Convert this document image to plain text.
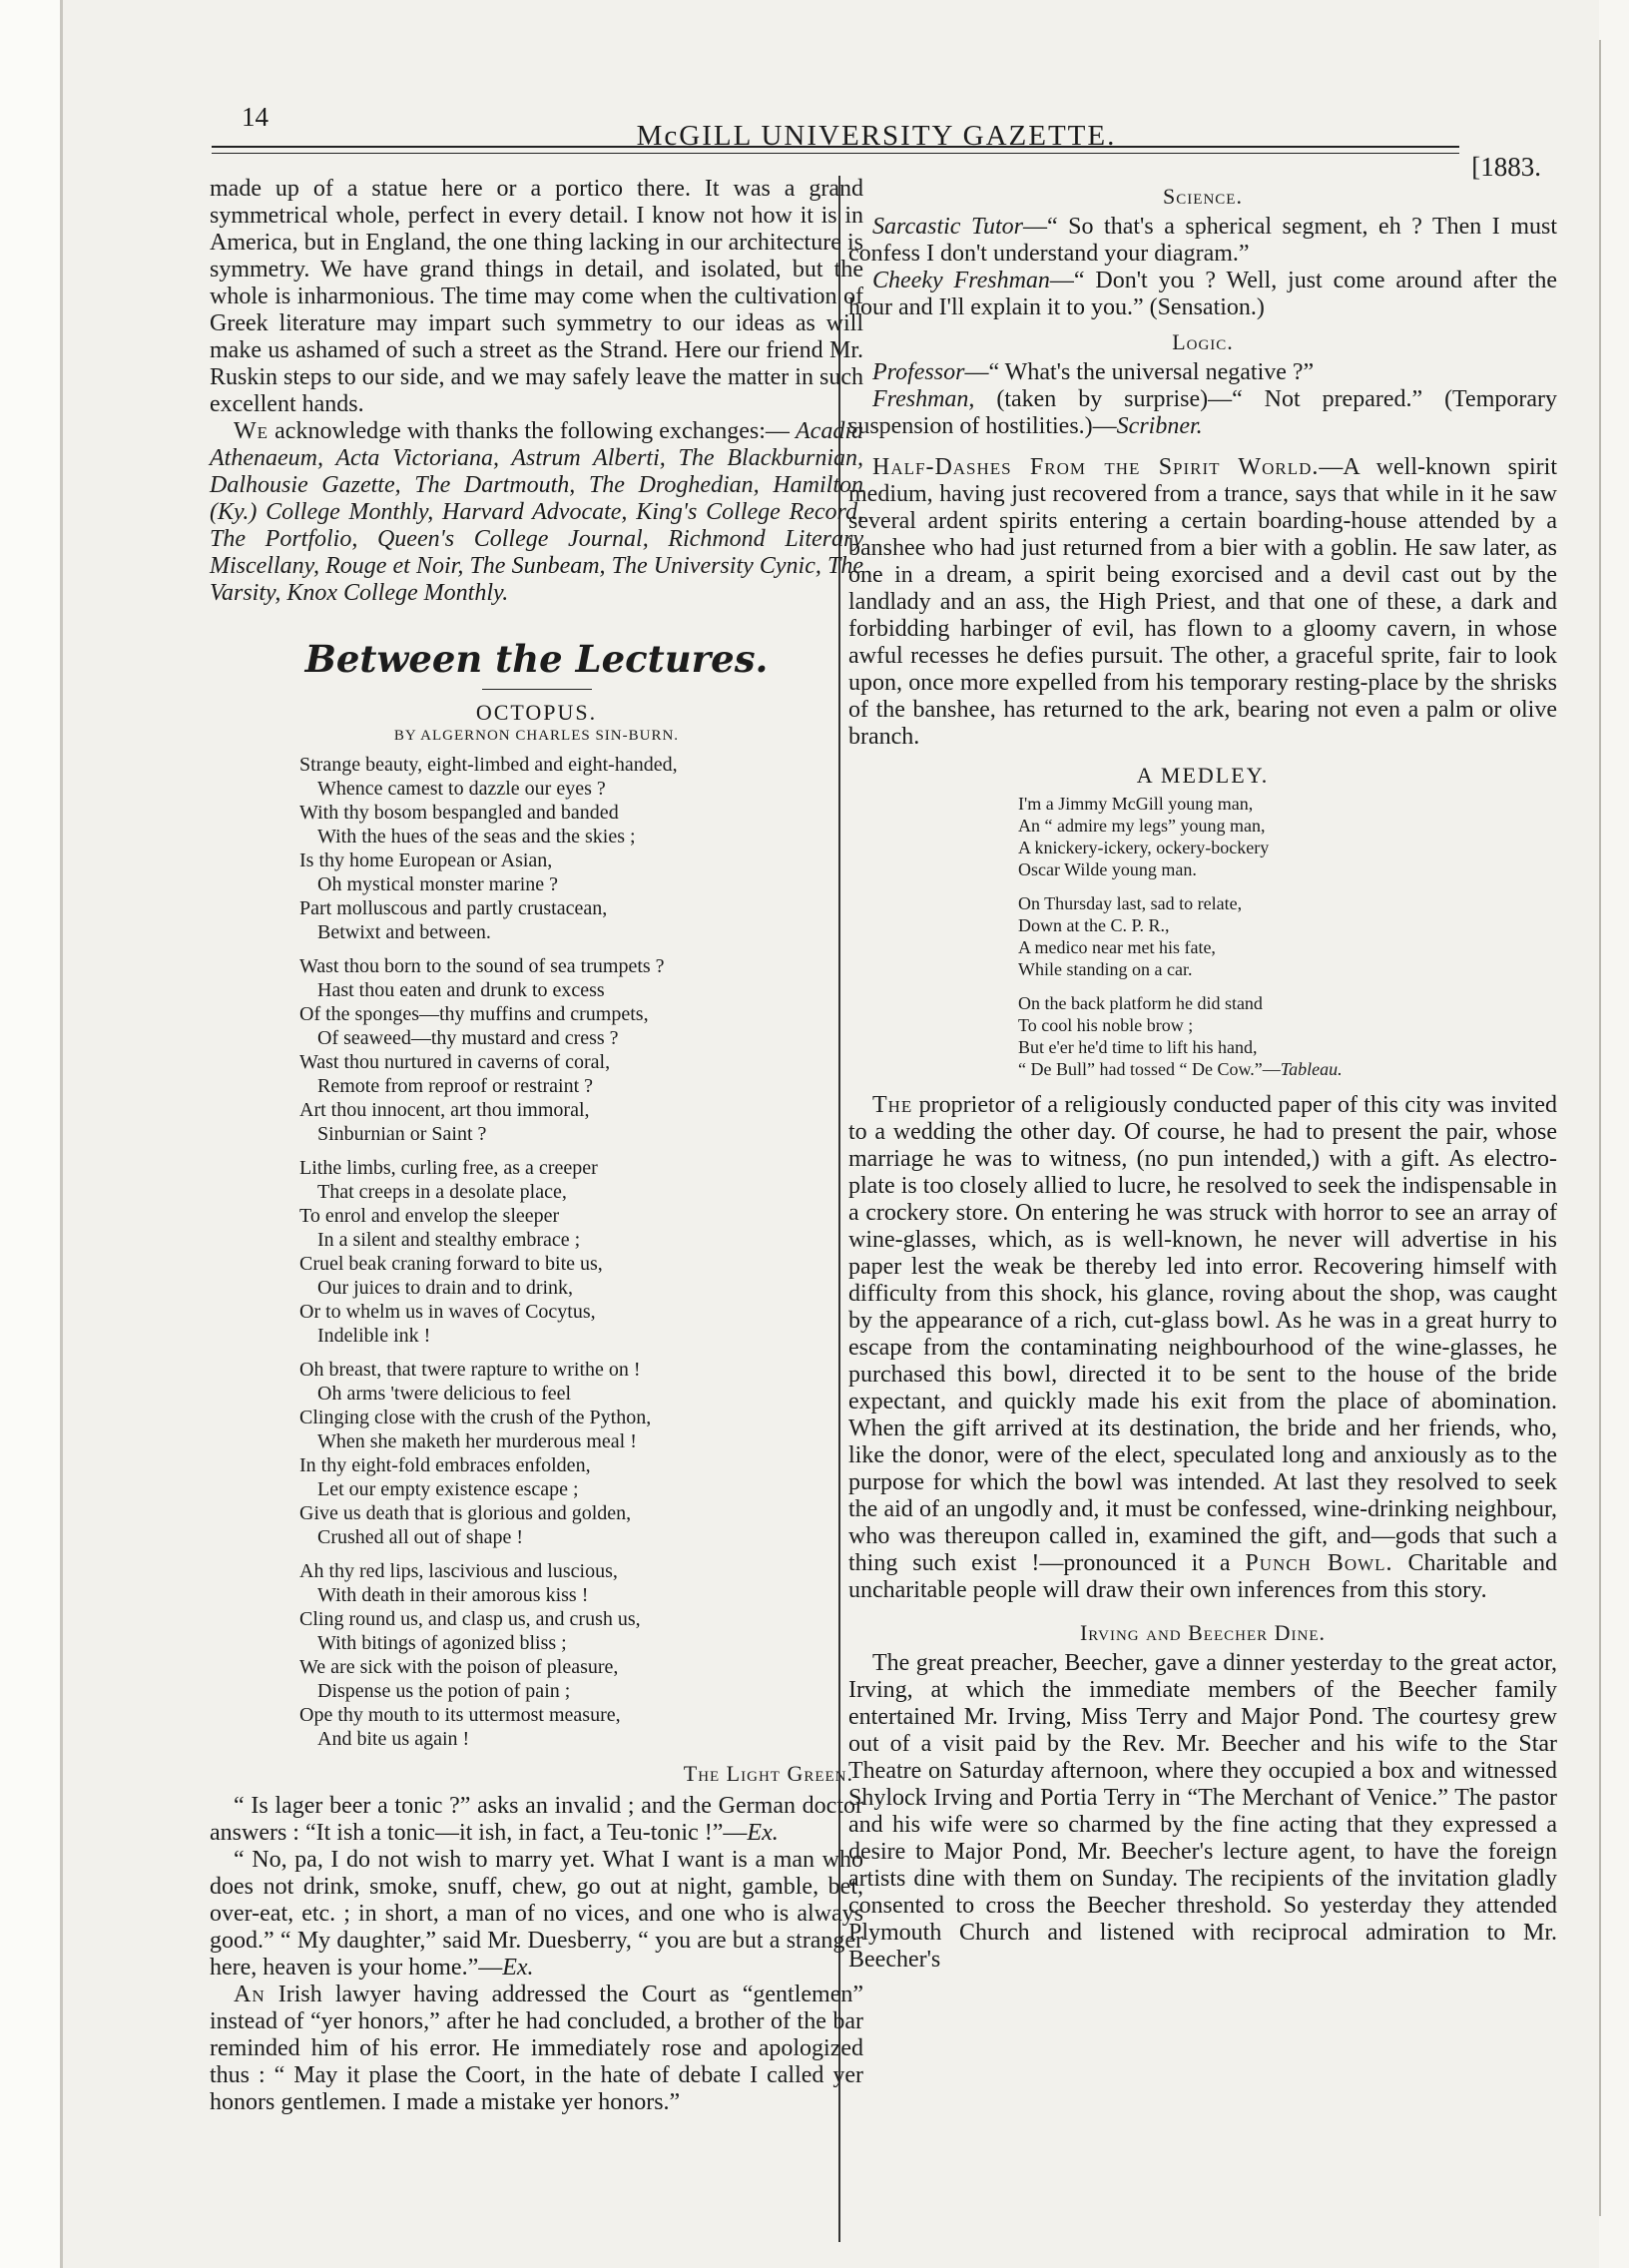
14
McGILL UNIVERSITY GAZETTE.
[1883.

made up of a statue here or a portico there. It was a grand symmetrical whole, perfect in every detail. I know not how it is in America, but in England, the one thing lacking in our architecture is symmetry. We have grand things in detail, and isolated, but the whole is inharmonious. The time may come when the cultivation of Greek literature may impart such symmetry to our ideas as will make us ashamed of such a street as the Strand. Here our friend Mr. Ruskin steps to our side, and we may safely leave the matter in such excellent hands.

We acknowledge with thanks the following exchanges:— Acadia Athenaeum, Acta Victoriana, Astrum Alberti, The Blackburnian, Dalhousie Gazette, The Dartmouth, The Droghedian, Hamilton (Ky.) College Monthly, Harvard Advocate, King's College Record, The Portfolio, Queen's College Journal, Richmond Literary Miscellany, Rouge et Noir, The Sunbeam, The University Cynic, The Varsity, Knox College Monthly.

Between the Lectures.
OCTOPUS.
BY ALGERNON CHARLES SIN-BURN.
Strange beauty, eight-limbed and eight-handed,
Whence camest to dazzle our eyes ?
With thy bosom bespangled and banded
With the hues of the seas and the skies ;
Is thy home European or Asian,
Oh mystical monster marine ?
Part molluscous and partly crustacean,
Betwixt and between.
Wast thou born to the sound of sea trumpets ?
Hast thou eaten and drunk to excess
Of the sponges—thy muffins and crumpets,
Of seaweed—thy mustard and cress ?
Wast thou nurtured in caverns of coral,
Remote from reproof or restraint ?
Art thou innocent, art thou immoral,
Sinburnian or Saint ?
Lithe limbs, curling free, as a creeper
That creeps in a desolate place,
To enrol and envelop the sleeper
In a silent and stealthy embrace ;
Cruel beak craning forward to bite us,
Our juices to drain and to drink,
Or to whelm us in waves of Cocytus,
Indelible ink !
Oh breast, that twere rapture to writhe on !
Oh arms 'twere delicious to feel
Clinging close with the crush of the Python,
When she maketh her murderous meal !
In thy eight-fold embraces enfolden,
Let our empty existence escape ;
Give us death that is glorious and golden,
Crushed all out of shape !
Ah thy red lips, lascivious and luscious,
With death in their amorous kiss !
Cling round us, and clasp us, and crush us,
With bitings of agonized bliss ;
We are sick with the poison of pleasure,
Dispense us the potion of pain ;
Ope thy mouth to its uttermost measure,
And bite us again !
The Light Green.

“ Is lager beer a tonic ?” asks an invalid ; and the German doctor answers : “It ish a tonic—it ish, in fact, a Teu-tonic !”—Ex.

“ No, pa, I do not wish to marry yet. What I want is a man who does not drink, smoke, snuff, chew, go out at night, gamble, bet, over-eat, etc. ; in short, a man of no vices, and one who is always good.” “ My daughter,” said Mr. Duesberry, “ you are but a stranger here, heaven is your home.”—Ex.

An Irish lawyer having addressed the Court as “gentlemen” instead of “yer honors,” after he had concluded, a brother of the bar reminded him of his error. He immediately rose and apologized thus : “ May it plase the Coort, in the hate of debate I called yer honors gentlemen. I made a mistake yer honors.”

Science.

Sarcastic Tutor—“ So that's a spherical segment, eh ? Then I must confess I don't understand your diagram.”

Cheeky Freshman—“ Don't you ? Well, just come around after the hour and I'll explain it to you.” (Sensation.)

Logic.

Professor—“ What's the universal negative ?”

Freshman, (taken by surprise)—“ Not prepared.” (Temporary suspension of hostilities.)—Scribner.

Half-Dashes From the Spirit World.—A well-known spirit medium, having just recovered from a trance, says that while in it he saw several ardent spirits entering a certain boarding-house attended by a banshee who had just returned from a bier with a goblin. He saw later, as one in a dream, a spirit being exorcised and a devil cast out by the landlady and an ass, the High Priest, and that one of these, a dark and forbidding harbinger of evil, has flown to a gloomy cavern, in whose awful recesses he defies pursuit. The other, a graceful sprite, fair to look upon, once more expelled from his temporary resting-place by the shrisks of the banshee, has returned to the ark, bearing not even a palm or olive branch.

A MEDLEY.
I'm a Jimmy McGill young man,
An “ admire my legs” young man,
A knickery-ickery, ockery-bockery
Oscar Wilde young man.
On Thursday last, sad to relate,
Down at the C. P. R.,
A medico near met his fate,
While standing on a car.
On the back platform he did stand
To cool his noble brow ;
But e'er he'd time to lift his hand,
“ De Bull” had tossed “ De Cow.”—Tableau.

The proprietor of a religiously conducted paper of this city was invited to a wedding the other day. Of course, he had to present the pair, whose marriage he was to witness, (no pun intended,) with a gift. As electro-plate is too closely allied to lucre, he resolved to seek the indispensable in a crockery store. On entering he was struck with horror to see an array of wine-glasses, which, as is well-known, he never will advertise in his paper lest the weak be thereby led into error. Recovering himself with difficulty from this shock, his glance, roving about the shop, was caught by the appearance of a rich, cut-glass bowl. As he was in a great hurry to escape from the contaminating neighbourhood of the wine-glasses, he purchased this bowl, directed it to be sent to the house of the bride expectant, and quickly made his exit from the place of abomination. When the gift arrived at its destination, the bride and her friends, who, like the donor, were of the elect, speculated long and anxiously as to the purpose for which the bowl was intended. At last they resolved to seek the aid of an ungodly and, it must be confessed, wine-drinking neighbour, who was thereupon called in, examined the gift, and—gods that such a thing such exist !—pronounced it a Punch Bowl. Charitable and uncharitable people will draw their own inferences from this story.

Irving and Beecher Dine.

The great preacher, Beecher, gave a dinner yesterday to the great actor, Irving, at which the immediate members of the Beecher family entertained Mr. Irving, Miss Terry and Major Pond. The courtesy grew out of a visit paid by the Rev. Mr. Beecher and his wife to the Star Theatre on Saturday afternoon, where they occupied a box and witnessed Shylock Irving and Portia Terry in “The Merchant of Venice.” The pastor and his wife were so charmed by the fine acting that they expressed a desire to Major Pond, Mr. Beecher's lecture agent, to have the foreign artists dine with them on Sunday. The recipients of the invitation gladly consented to cross the Beecher threshold. So yesterday they attended Plymouth Church and listened with reciprocal admiration to Mr. Beecher's
